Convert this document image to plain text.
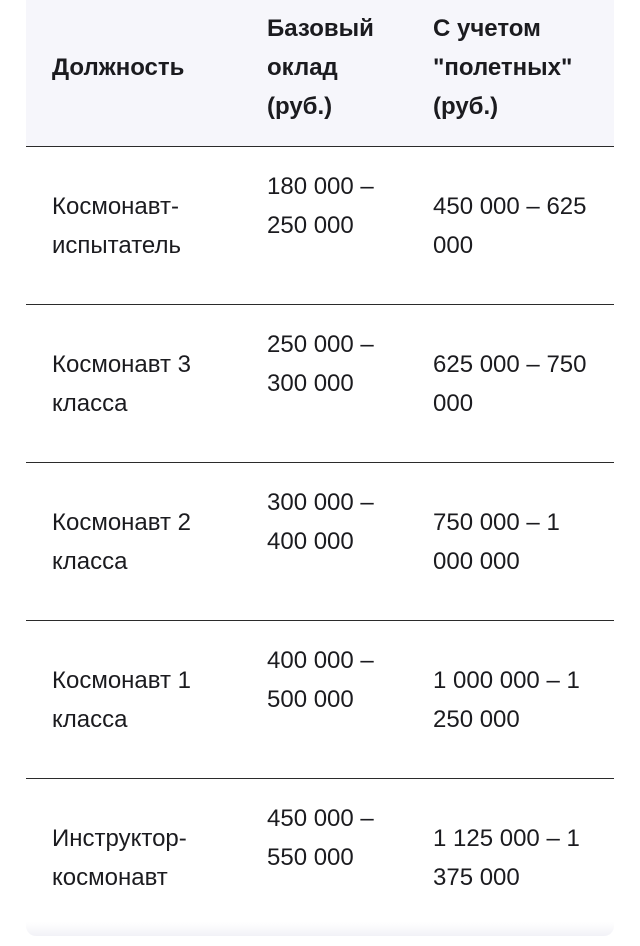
Должность
Базовый оклад (руб.)
С учетом "полетных" (руб.)
Космонавт-испытатель
180 000 – 250 000
450 000 – 625 000
Космонавт 3 класса
250 000 – 300 000
625 000 – 750 000
Космонавт 2 класса
300 000 – 400 000
750 000 – 1 000 000
Космонавт 1 класса
400 000 – 500 000
1 000 000 – 1 250 000
Инструктор-космонавт
450 000 – 550 000
1 125 000 – 1 375 000
